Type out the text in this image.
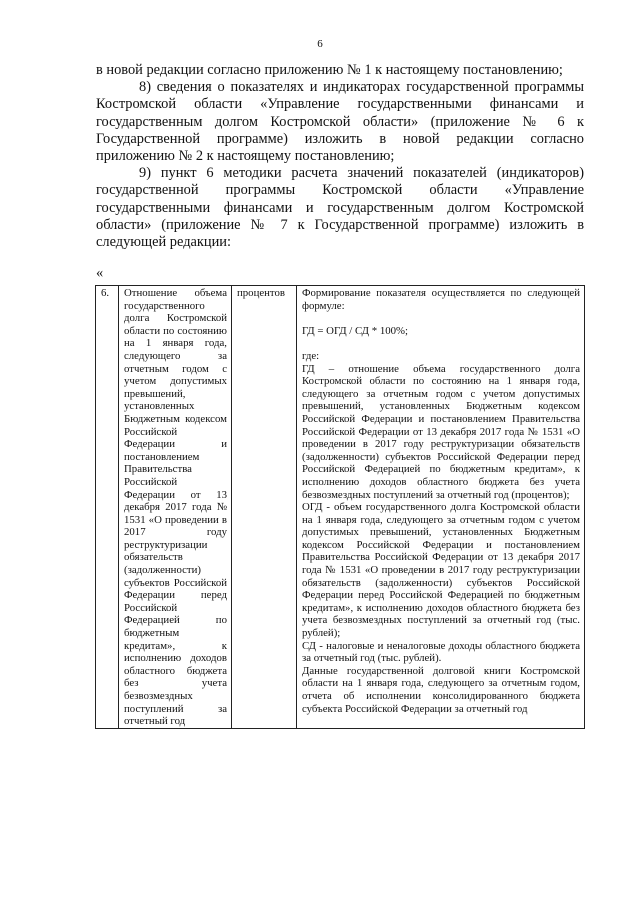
6

в новой редакции согласно приложению № 1 к настоящему постановлению;

8) сведения о показателях и индикаторах государственной программы Костромской области «Управление государственными финансами и государственным долгом Костромской области» (приложение № 6 к Государственной программе) изложить в новой редакции согласно приложению № 2 к настоящему постановлению;

9) пункт 6 методики расчета значений показателей (индикаторов) государственной программы Костромской области «Управление государственными финансами и государственным долгом Костромской области» (приложение № 7 к Государственной программе) изложить в следующей редакции:

«
6.	Отношение объема государственного долга Костромской области по состоянию на 1 января года, следующего за отчетным годом с учетом допустимых превышений, установленных Бюджетным кодексом Российской Федерации и постановлением Правительства Российской Федерации от 13 декабря 2017 года № 1531 «О проведении в 2017 году реструктуризации обязательств (задолженности) субъектов Российской Федерации перед Российской Федерацией по бюджетным кредитам», к исполнению доходов областного бюджета без учета безвозмездных поступлений за отчетный год	процентов	Формирование показателя осуществляется по следующей формуле:

ГД = ОГД / СД * 100%;

где:

ГД – отношение объема государственного долга Костромской области по состоянию на 1 января года, следующего за отчетным годом с учетом допустимых превышений, установленных Бюджетным кодексом Российской Федерации и постановлением Правительства Российской Федерации от 13 декабря 2017 года № 1531 «О проведении в 2017 году реструктуризации обязательств (задолженности) субъектов Российской Федерации перед Российской Федерацией по бюджетным кредитам», к исполнению доходов областного бюджета без учета безвозмездных поступлений за отчетный год (процентов);

ОГД - объем государственного долга Костромской области на 1 января года, следующего за отчетным годом с учетом допустимых превышений, установленных Бюджетным кодексом Российской Федерации и постановлением Правительства Российской Федерации от 13 декабря 2017 года № 1531 «О проведении в 2017 году реструктуризации обязательств (задолженности) субъектов Российской Федерации перед Российской Федерацией по бюджетным кредитам», к исполнению доходов областного бюджета без учета безвозмездных поступлений за отчетный год (тыс. рублей);

СД - налоговые и неналоговые доходы областного бюджета за отчетный год (тыс. рублей).

Данные государственной долговой книги Костромской области на 1 января года, следующего за отчетным годом, отчета об исполнении консолидированного бюджета субъекта Российской Федерации за отчетный год
